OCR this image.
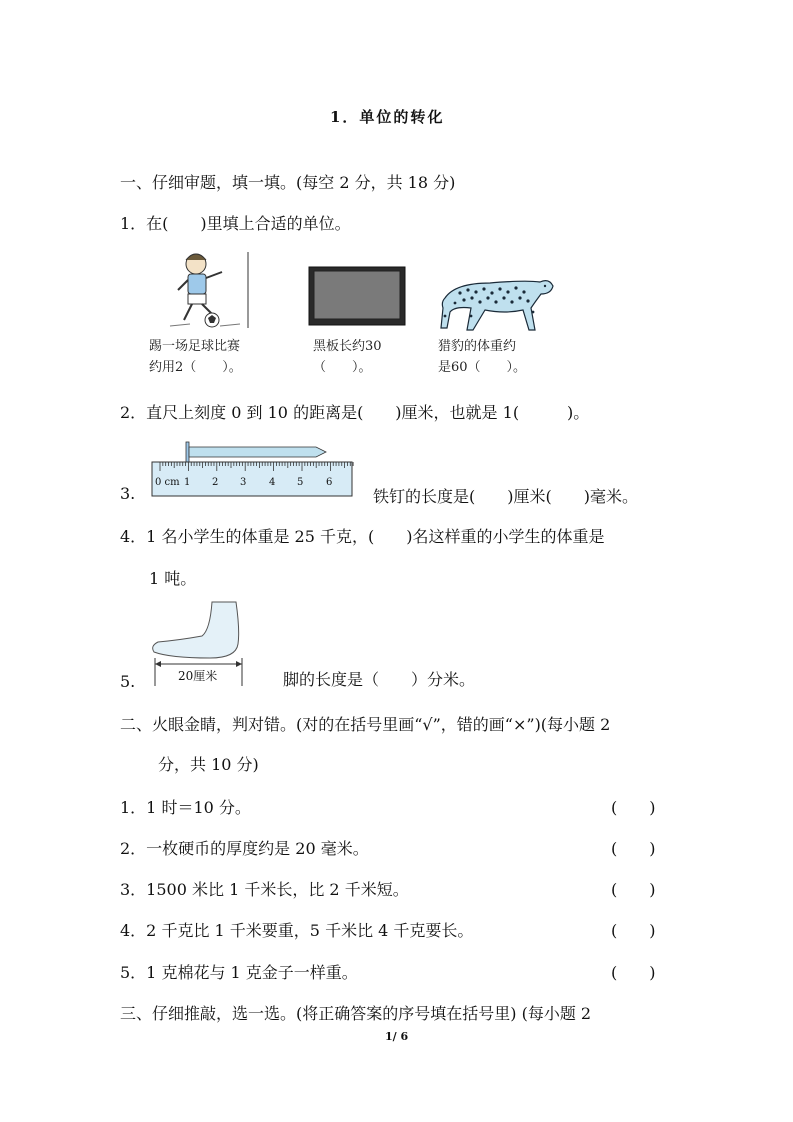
1．单位的转化
一、仔细审题，填一填。(每空 2 分，共 18 分)
1．在(　　)里填上合适的单位。
踢一场足球比赛
约用2（　　）。
黑板长约30
（　　）。
猎豹的体重约
是60（　　）。
2．直尺上刻度 0 到 10 的距离是(　　)厘米，也就是 1(　　　)。
3.
0 cm 1 2 3 4 5 6
铁钉的长度是(　　)厘米(　　)毫米。
4．1 名小学生的体重是 25 千克，(　　)名这样重的小学生的体重是
1 吨。
5.	20厘米	脚的长度是（　　）分米。
二、火眼金睛，判对错。(对的在括号里画“√”，错的画“×”)(每小题 2
分，共 10 分)
1．1 时＝10 分。	(　　)
2．一枚硬币的厚度约是 20 毫米。	(　　)
3．1500 米比 1 千米长，比 2 千米短。	(　　)
4．2 千克比 1 千米要重，5 千米比 4 千克要长。	(　　)
5．1 克棉花与 1 克金子一样重。	(　　)
三、仔细推敲，选一选。(将正确答案的序号填在括号里) (每小题 2
1/ 6
